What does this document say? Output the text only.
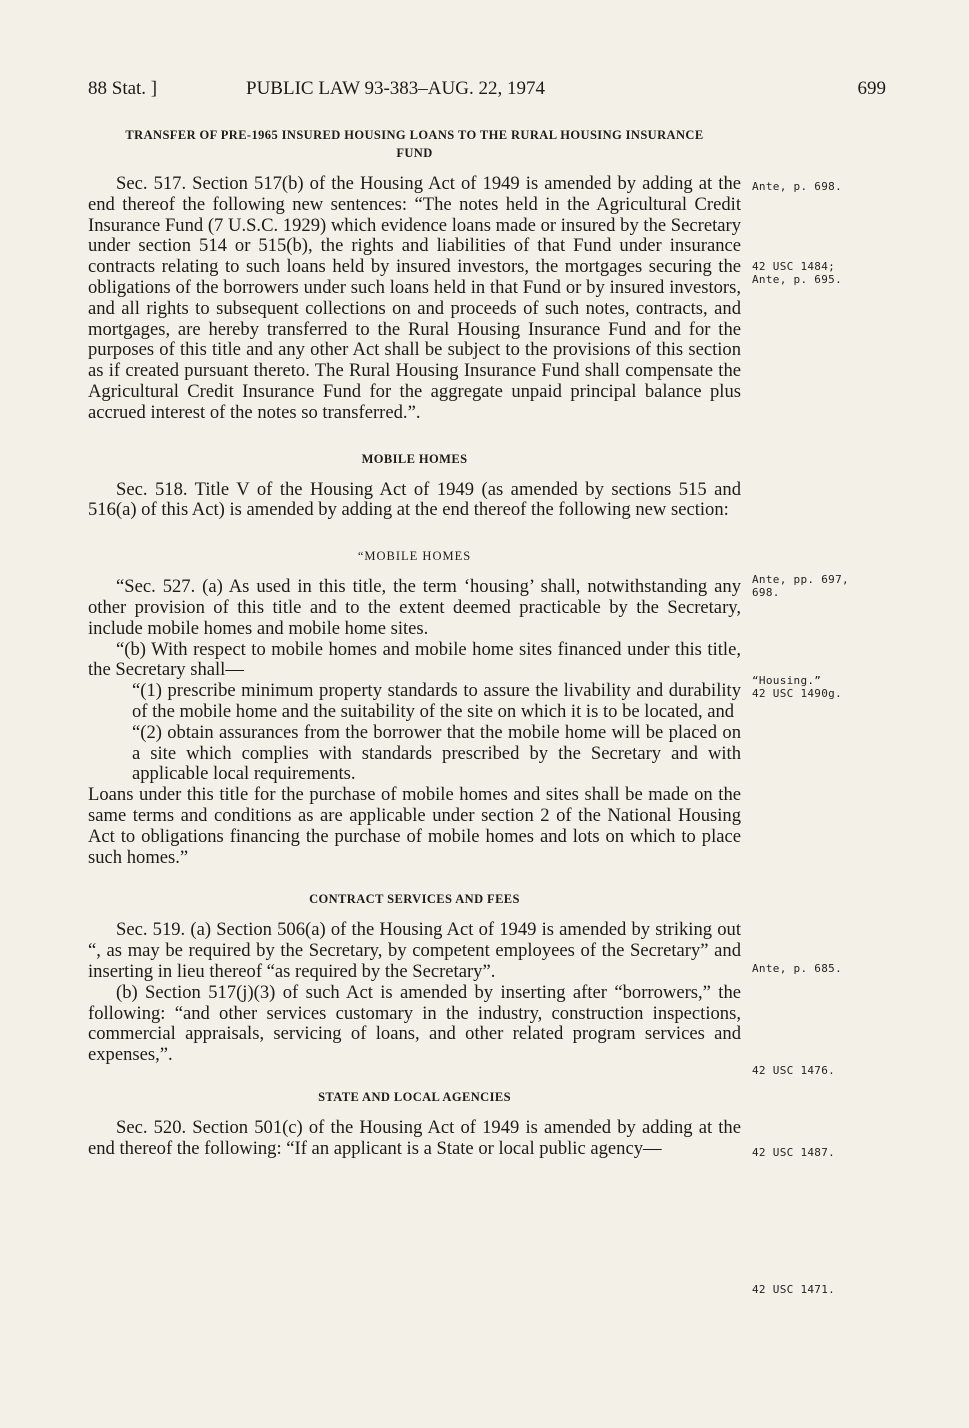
88 Stat. ]	PUBLIC LAW 93-383–AUG. 22, 1974	699
TRANSFER OF PRE-1965 INSURED HOUSING LOANS TO THE RURAL HOUSING INSURANCE FUND

Sec. 517. Section 517(b) of the Housing Act of 1949 is amended by adding at the end thereof the following new sentences: “The notes held in the Agricultural Credit Insurance Fund (7 U.S.C. 1929) which evidence loans made or insured by the Secretary under section 514 or 515(b), the rights and liabilities of that Fund under insurance contracts relating to such loans held by insured investors, the mortgages securing the obligations of the borrowers under such loans held in that Fund or by insured investors, and all rights to subsequent collections on and proceeds of such notes, contracts, and mortgages, are hereby transferred to the Rural Housing Insurance Fund and for the purposes of this title and any other Act shall be subject to the provisions of this section as if created pursuant thereto. The Rural Housing Insurance Fund shall compensate the Agricultural Credit Insurance Fund for the aggregate unpaid principal balance plus accrued interest of the notes so transferred.”.

MOBILE HOMES

Sec. 518. Title V of the Housing Act of 1949 (as amended by sections 515 and 516(a) of this Act) is amended by adding at the end thereof the following new section:

“MOBILE HOMES

“Sec. 527. (a) As used in this title, the term ‘housing’ shall, notwithstanding any other provision of this title and to the extent deemed practicable by the Secretary, include mobile homes and mobile home sites.

“(b) With respect to mobile homes and mobile home sites financed under this title, the Secretary shall—

“(1) prescribe minimum property standards to assure the livability and durability of the mobile home and the suitability of the site on which it is to be located, and

“(2) obtain assurances from the borrower that the mobile home will be placed on a site which complies with standards prescribed by the Secretary and with applicable local requirements.

Loans under this title for the purchase of mobile homes and sites shall be made on the same terms and conditions as are applicable under section 2 of the National Housing Act to obligations financing the purchase of mobile homes and lots on which to place such homes.”

CONTRACT SERVICES AND FEES

Sec. 519. (a) Section 506(a) of the Housing Act of 1949 is amended by striking out “, as may be required by the Secretary, by competent employees of the Secretary” and inserting in lieu thereof “as required by the Secretary”.

(b) Section 517(j)(3) of such Act is amended by inserting after “borrowers,” the following: “and other services customary in the industry, construction inspections, commercial appraisals, servicing of loans, and other related program services and expenses,”.

STATE AND LOCAL AGENCIES

Sec. 520. Section 501(c) of the Housing Act of 1949 is amended by adding at the end thereof the following: “If an applicant is a State or local public agency—

Ante, p. 698.
42 USC 1484;
Ante, p. 695.
Ante, pp. 697, 698.
“Housing.”
42 USC 1490g.
Ante, p. 685.
42 USC 1476.
42 USC 1487.
42 USC 1471.
